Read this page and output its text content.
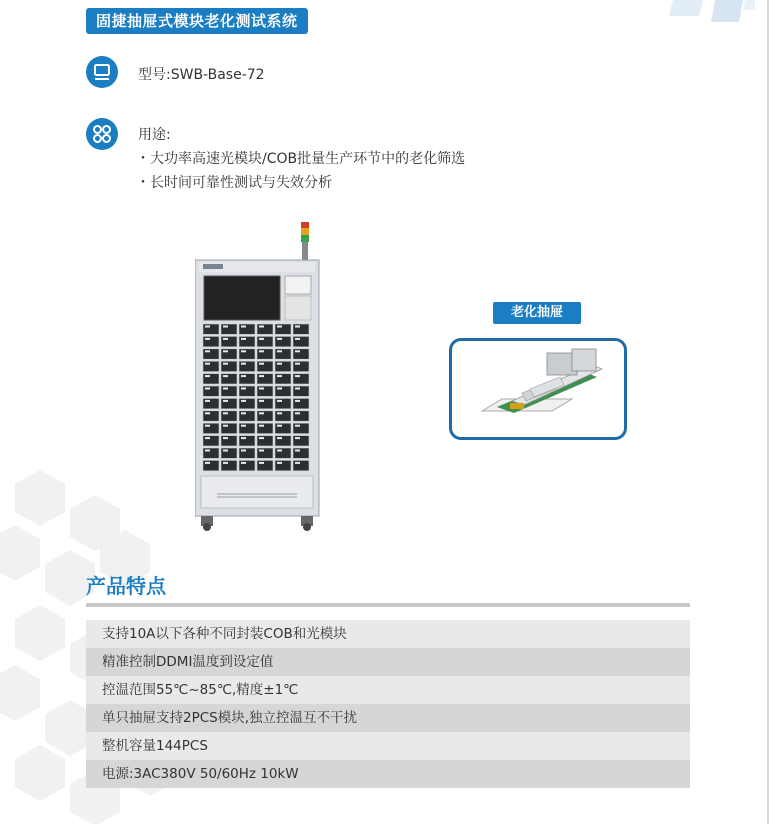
固捷抽屉式模块老化测试系统
型号:SWB-Base-72
用途:
・大功率高速光模块/COB批量生产环节中的老化筛选
・长时间可靠性测试与失效分析
老化抽屉
产品特点
支持10A以下各种不同封装COB和光模块
精准控制DDMI温度到设定值
控温范围55℃~85℃,精度±1℃
单只抽屉支持2PCS模块,独立控温互不干扰
整机容量144PCS
电源:3AC380V 50/60Hz 10kW
